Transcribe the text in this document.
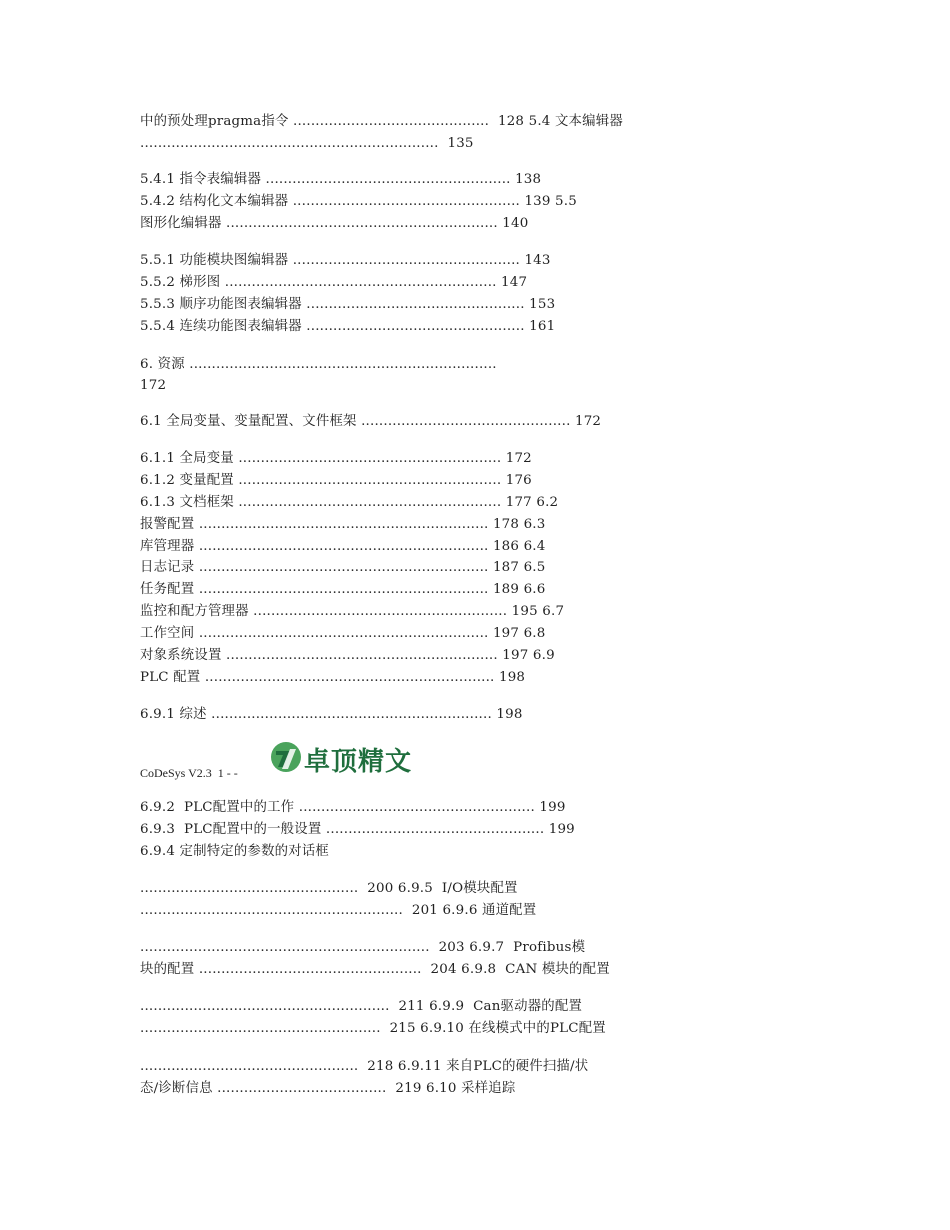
中的预处理pragma指令 ............................................  128 5.4 文本编辑器
...................................................................  135
5.4.1 指令表编辑器 ....................................................... 138
5.4.2 结构化文本编辑器 ................................................... 139 5.5
图形化编辑器 ............................................................. 140
5.5.1 功能模块图编辑器 ................................................... 143
5.5.2 梯形图 ............................................................. 147
5.5.3 顺序功能图表编辑器 ................................................. 153
5.5.4 连续功能图表编辑器 ................................................. 161
6. 资源 .....................................................................
172
6.1 全局变量、变量配置、文件框架 ............................................... 172
6.1.1 全局变量 ........................................................... 172
6.1.2 变量配置 ........................................................... 176
6.1.3 文档框架 ........................................................... 177 6.2
报警配置 ................................................................. 178 6.3
库管理器 ................................................................. 186 6.4
日志记录 ................................................................. 187 6.5
任务配置 ................................................................. 189 6.6
监控和配方管理器 ......................................................... 195 6.7
工作空间 ................................................................. 197 6.8
对象系统设置 ............................................................. 197 6.9
PLC 配置 ................................................................. 198
6.9.1 综述 ............................................................... 198
CoDeSys V2.3  1 - -	卓顶精文
6.9.2  PLC配置中的工作 ..................................................... 199
6.9.3  PLC配置中的一般设置 ................................................. 199
6.9.4 定制特定的参数的对话框
.................................................  200 6.9.5  I/O模块配置
...........................................................  201 6.9.6 通道配置
.................................................................  203 6.9.7  Profibus模
块的配置 ..................................................  204 6.9.8  CAN 模块的配置
........................................................  211 6.9.9  Can驱动器的配置
......................................................  215 6.9.10 在线模式中的PLC配置
.................................................  218 6.9.11 来自PLC的硬件扫描/状
态/诊断信息 ......................................  219 6.10 采样追踪
